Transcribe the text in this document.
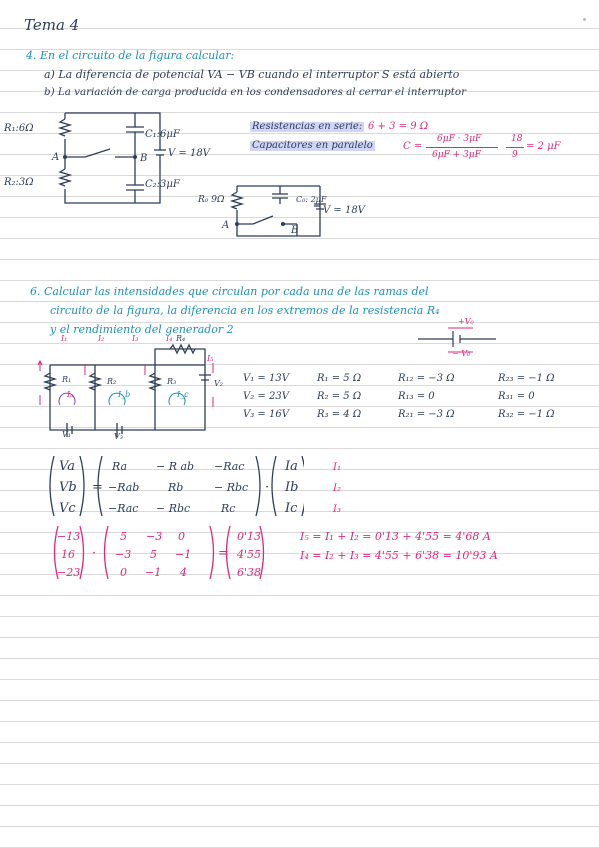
Tema 4
4. En el circuito de la figura calcular:
a) La diferencia de potencial VA − VB cuando el interruptor S está abierto
b) La variación de carga producida en los condensadores al cerrar el interruptor
R₁:6Ω
R₂:3Ω
C₁:6μF
C₂:3μF
A	B V = 18V
Resistencias en serie: 6 + 3 = 9 Ω
Capacitores en paralelo	C =
6μF · 3μF
6μF + 3μF
18
9
= 2 μF
R₀ 9Ω	C₀: 2μF
V = 18V
A	B
6. Calcular las intensidades que circulan por cada una de las ramas del
circuito de la figura, la diferencia en los extremos de la resistencia R₄
y el rendimiento del generador 2
+V₀
− V₀
I₁	I₂	I₃	I₄
I₅
R₁	R₂	R₃
R₄
V₁
V₂
V₃
Iₐ	I_b	I_c
V₁ = 13V
V₂ = 23V
V₃ = 16V
R₁ = 5 Ω
R₂ = 5 Ω
R₃ = 4 Ω
R₁₂ = −3 Ω
R₁₃ = 0
R₂₁ = −3 Ω
R₂₃ = −1 Ω
R₃₁ = 0
R₃₂ = −1 Ω
Va
Vb
Vc
=
Ra	− R ab −Rac
−Rab	Rb	− Rbc
−Rac − Rbc	Rc
·
Ia
Ib
Ic
I₁
I₂
I₃
−13
16
−23
·
5 −3 0
−3 5 −1
0 −1 4
=
0'13
4'55
6'38
I₅ = I₁ + I₂ = 0'13 + 4'55 = 4'68 A
I₄ = I₂ + I₃ = 4'55 + 6'38 = 10'93 A
